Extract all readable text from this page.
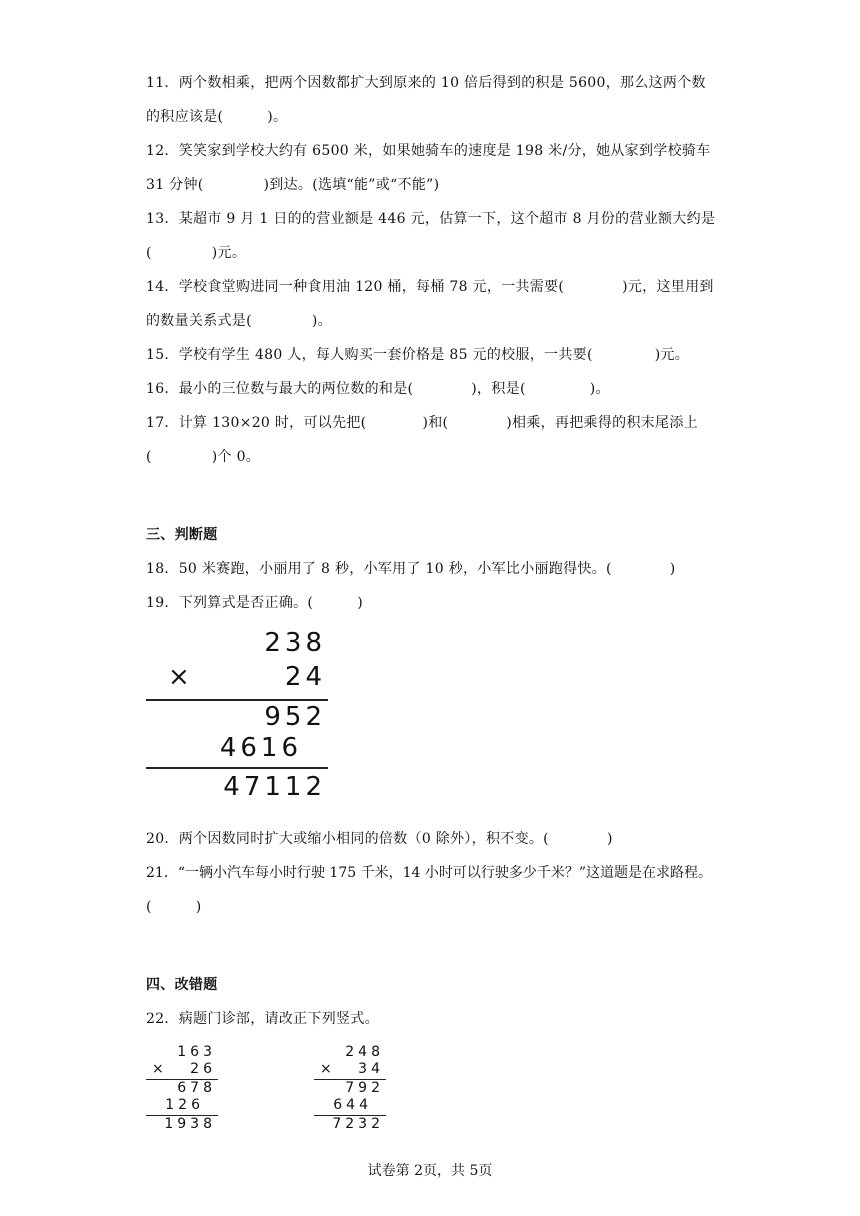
11．两个数相乘，把两个因数都扩大到原来的 10 倍后得到的积是 5600，那么这两个数
的积应该是(	)。
12．笑笑家到学校大约有 6500 米，如果她骑车的速度是 198 米/分，她从家到学校骑车
31 分钟(	)到达。(选填“能”或“不能”)
13．某超市 9 月 1 日的的营业额是 446 元，估算一下，这个超市 8 月份的营业额大约是
(	)元。
14．学校食堂购进同一种食用油 120 桶，每桶 78 元，一共需要(	)元，这里用到
的数量关系式是(	)。
15．学校有学生 480 人，每人购买一套价格是 85 元的校服，一共要(	)元。
16．最小的三位数与最大的两位数的和是(	)，积是(	)。
17．计算 130×20 时，可以先把(	)和(	)相乘，再把乘得的积末尾添上
(	)个 0。
三、判断题
18．50 米赛跑，小丽用了 8 秒，小军用了 10 秒，小军比小丽跑得快。(	)
19．下列算式是否正确。(	)
238
×	24
952
4616
47112
20．两个因数同时扩大或缩小相同的倍数（0 除外），积不变。(	)
21．“一辆小汽车每小时行驶 175 千米，14 小时可以行驶多少千米？”这道题是在求路程。
(	)
四、改错题
22．病题门诊部，请改正下列竖式。
163
× 26
678
126
1938
248
× 34
792
644
7232
试卷第 2页，共 5页
